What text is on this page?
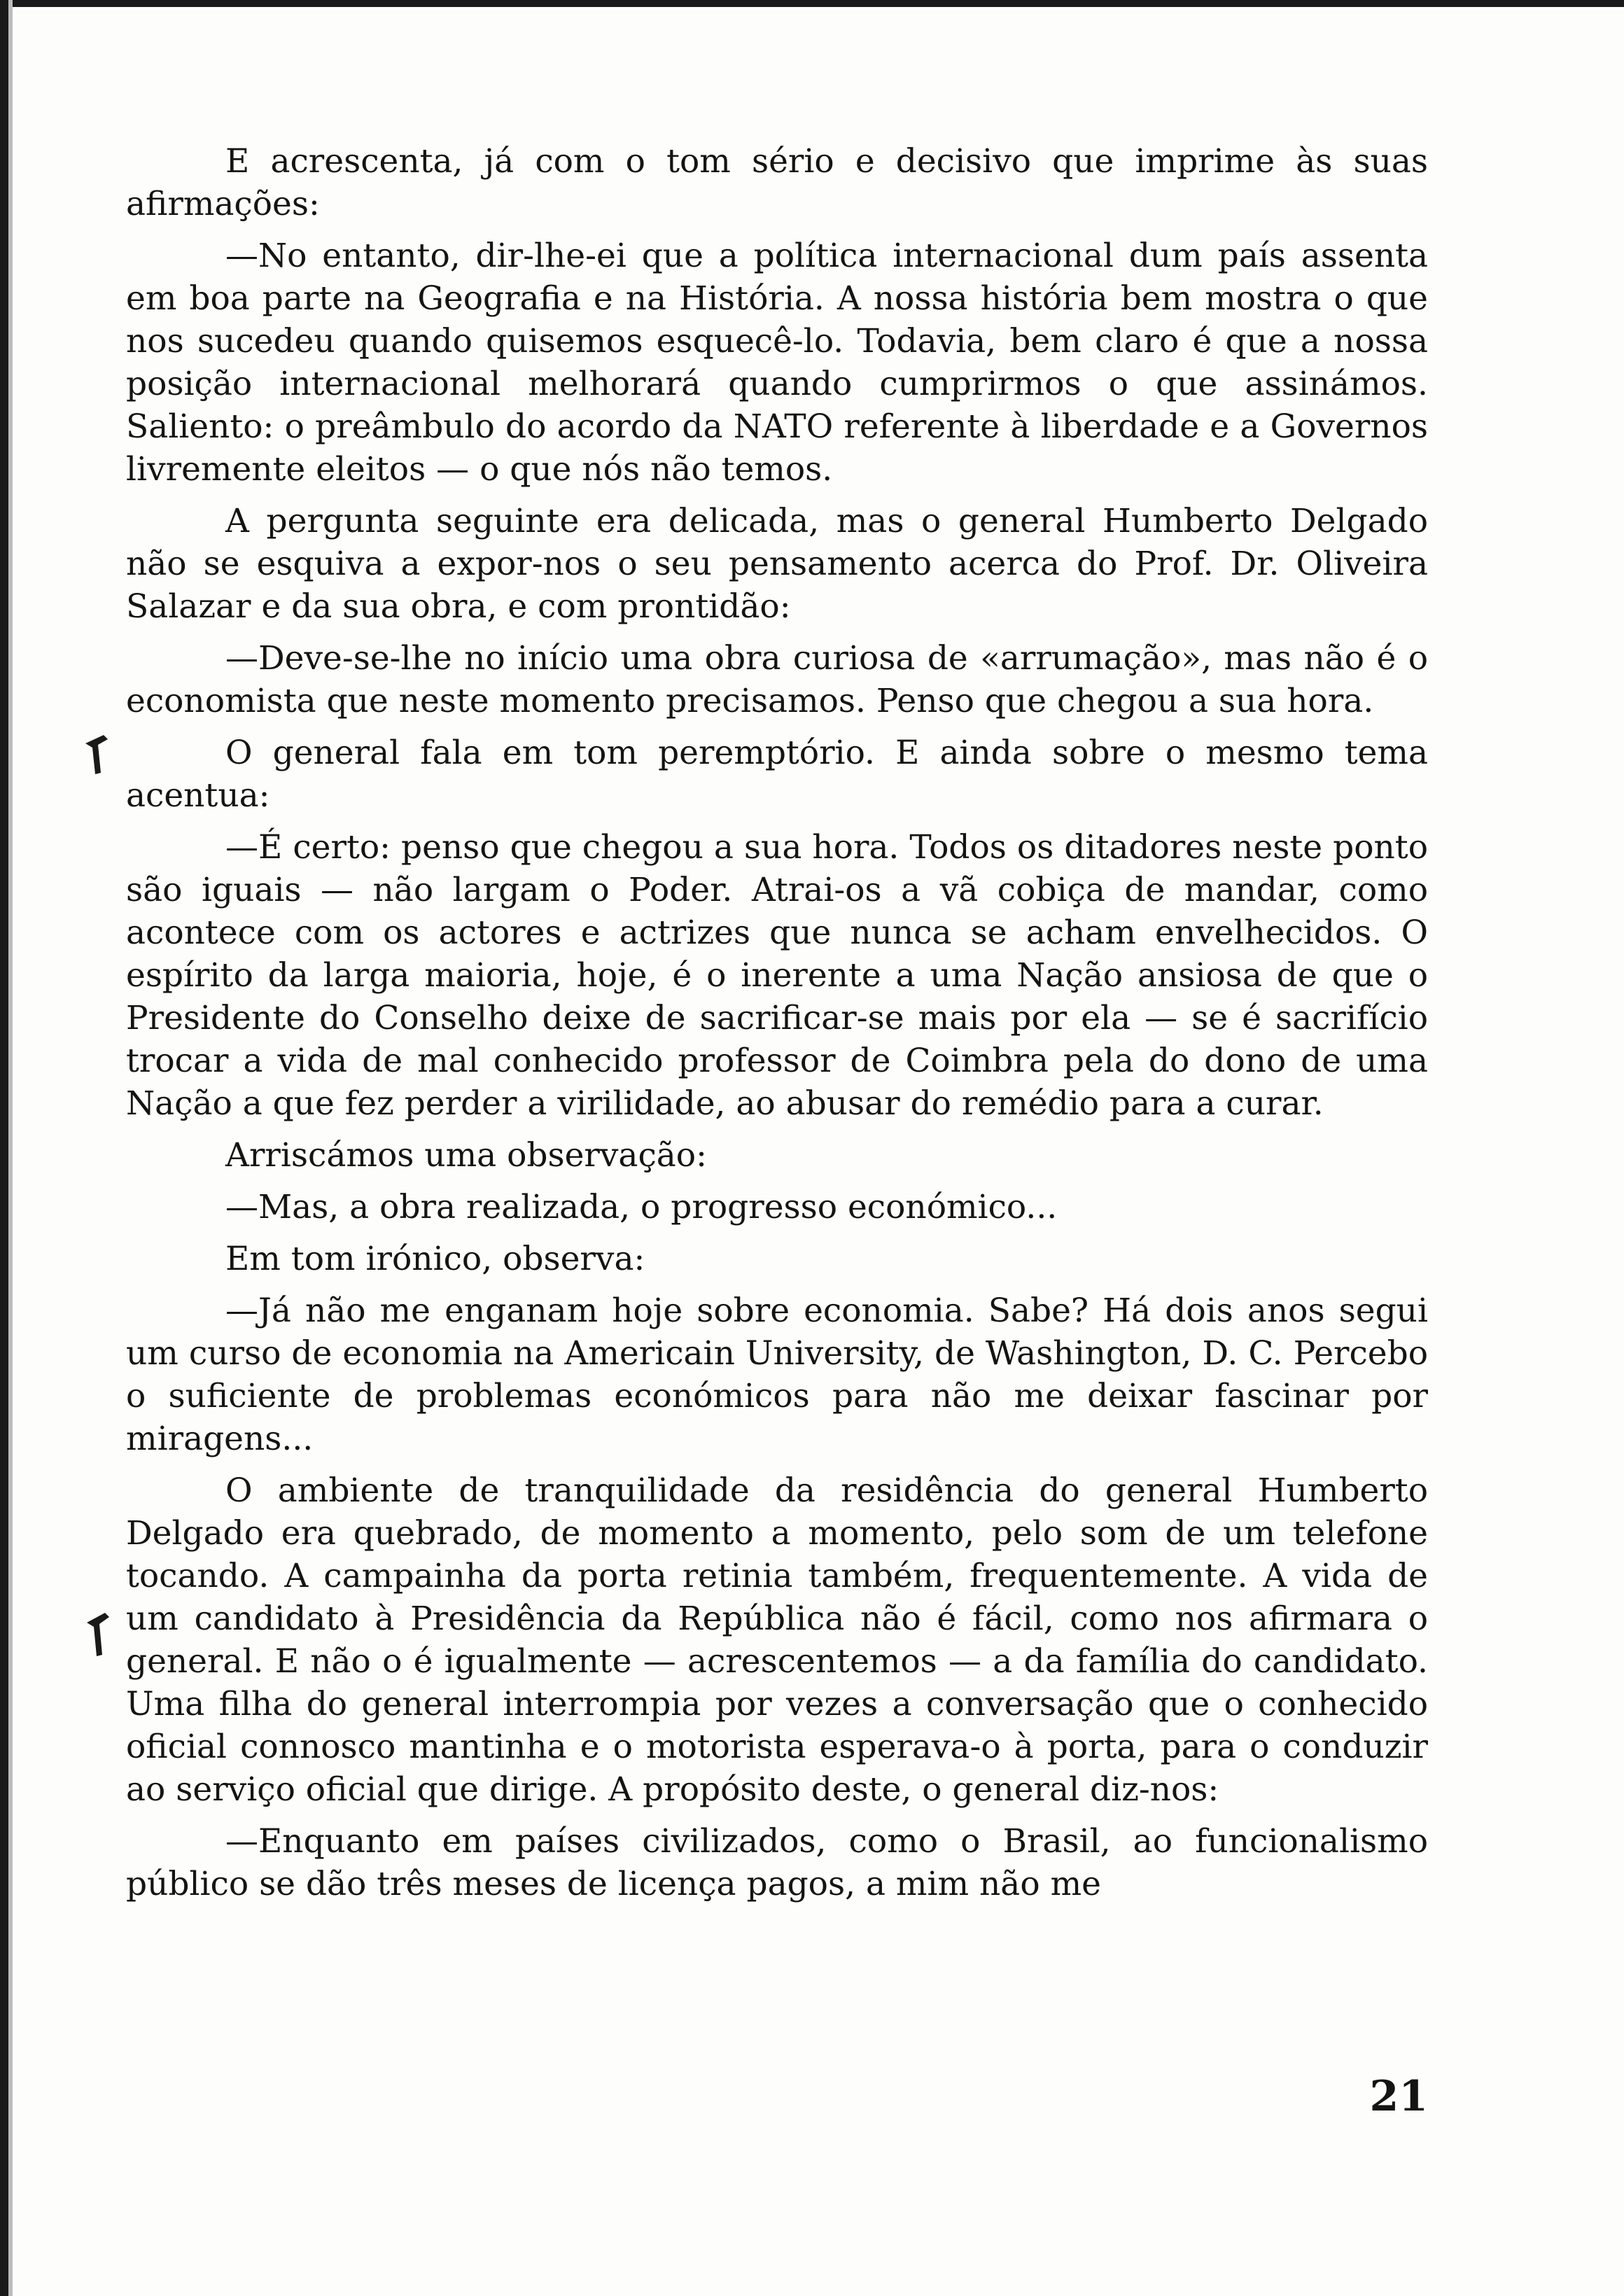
E acrescenta, já com o tom sério e decisivo que imprime às suas afirmações:

—No entanto, dir-lhe-ei que a política internacional dum país assenta em boa parte na Geografia e na História. A nossa história bem mostra o que nos sucedeu quando quisemos esquecê-lo. Todavia, bem claro é que a nossa posição internacional melhorará quando cumprirmos o que assinámos. Saliento: o preâmbulo do acordo da NATO referente à liberdade e a Governos livremente eleitos — o que nós não temos.

A pergunta seguinte era delicada, mas o general Humberto Delgado não se esquiva a expor-nos o seu pensamento acerca do Prof. Dr. Oliveira Salazar e da sua obra, e com prontidão:

—Deve-se-lhe no início uma obra curiosa de «arrumação», mas não é o economista que neste momento precisamos. Penso que chegou a sua hora.

O general fala em tom peremptório. E ainda sobre o mesmo tema acentua:

—É certo: penso que chegou a sua hora. Todos os ditadores neste ponto são iguais — não largam o Poder. Atrai-os a vã cobiça de mandar, como acontece com os actores e actrizes que nunca se acham envelhecidos. O espírito da larga maioria, hoje, é o inerente a uma Nação ansiosa de que o Presidente do Conselho deixe de sacrificar-se mais por ela — se é sacrifício trocar a vida de mal conhecido professor de Coimbra pela do dono de uma Nação a que fez perder a virilidade, ao abusar do remédio para a curar.

Arriscámos uma observação:

—Mas, a obra realizada, o progresso económico...

Em tom irónico, observa:

—Já não me enganam hoje sobre economia. Sabe? Há dois anos segui um curso de economia na Americain University, de Washington, D. C. Percebo o suficiente de problemas económicos para não me deixar fascinar por miragens...

O ambiente de tranquilidade da residência do general Humberto Delgado era quebrado, de momento a momento, pelo som de um telefone tocando. A campainha da porta retinia também, frequentemente. A vida de um candidato à Presidência da República não é fácil, como nos afirmara o general. E não o é igualmente — acrescentemos — a da família do candidato. Uma filha do general interrompia por vezes a conversação que o conhecido oficial connosco mantinha e o motorista esperava-o à porta, para o conduzir ao serviço oficial que dirige. A propósito deste, o general diz-nos:

—Enquanto em países civilizados, como o Brasil, ao funcionalismo público se dão três meses de licença pagos, a mim não me

21
